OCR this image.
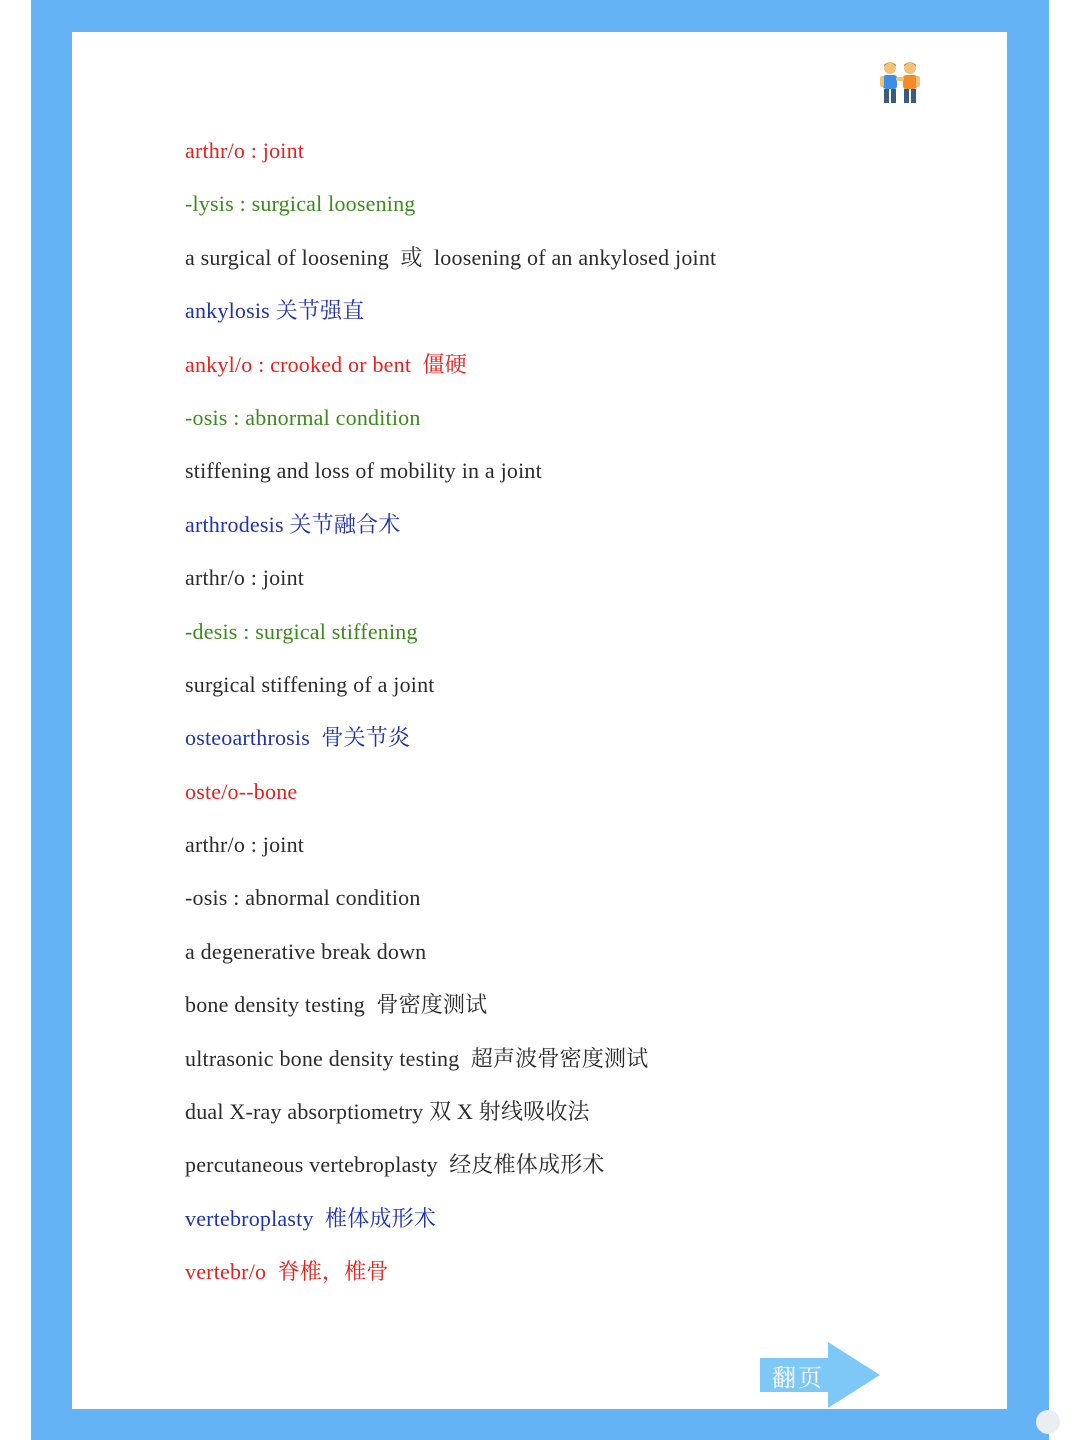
arthr/o : joint
-lysis : surgical loosening
a surgical of loosening  或  loosening of an ankylosed joint
ankylosis 关节强直
ankyl/o : crooked or bent  僵硬
-osis : abnormal condition
stiffening and loss of mobility in a joint
arthrodesis 关节融合术
arthr/o : joint
-desis : surgical stiffening
surgical stiffening of a joint
osteoarthrosis  骨关节炎
oste/o--bone
arthr/o : joint
-osis : abnormal condition
a degenerative break down
bone density testing  骨密度测试
ultrasonic bone density testing  超声波骨密度测试
dual X-ray absorptiometry 双 X 射线吸收法
percutaneous vertebroplasty  经皮椎体成形术
vertebroplasty  椎体成形术
vertebr/o  脊椎，椎骨
翻页
